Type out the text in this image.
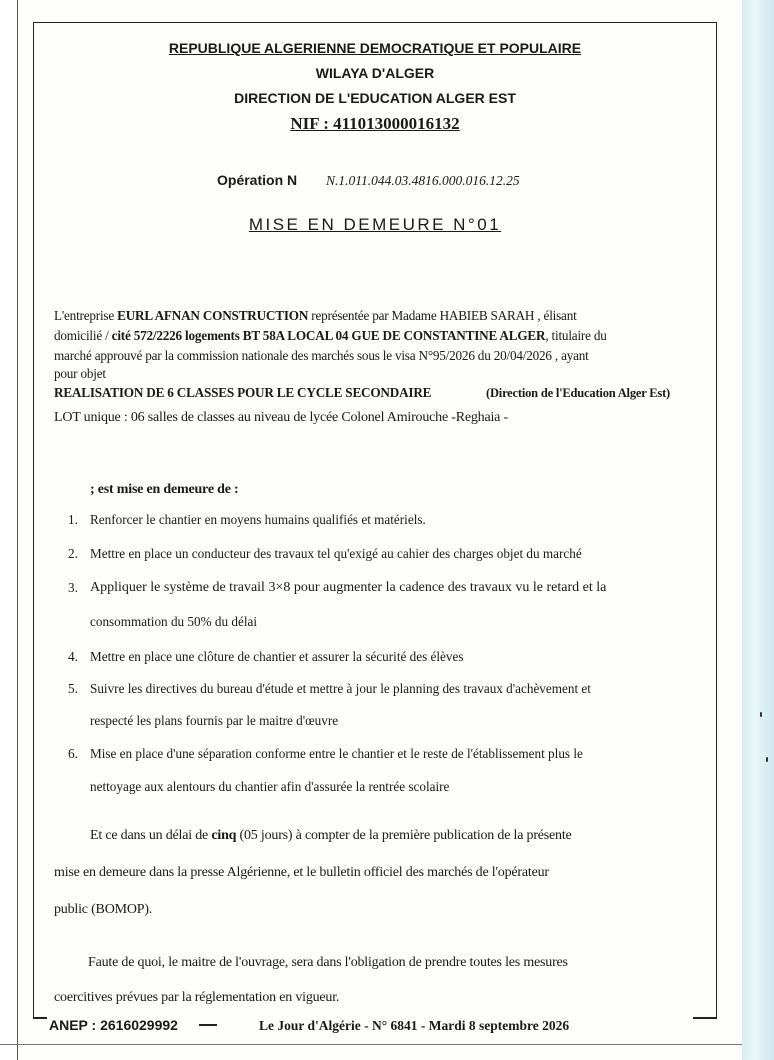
REPUBLIQUE ALGERIENNE DEMOCRATIQUE ET POPULAIRE
WILAYA D'ALGER
DIRECTION DE L'EDUCATION ALGER EST
NIF : 411013000016132
Opération N N.1.011.044.03.4816.000.016.12.25
MISE EN DEMEURE N°01
L'entreprise EURL AFNAN CONSTRUCTION représentée par Madame HABIEB SARAH , élisant
domicilié / cité 572/2226 logements BT 58A LOCAL 04 GUE DE CONSTANTINE ALGER, titulaire du
marché approuvé par la commission nationale des marchés sous le visa N°95/2026 du 20/04/2026 , ayant
pour objet
REALISATION DE 6 CLASSES POUR LE CYCLE SECONDAIRE	(Direction de l'Education Alger Est)
LOT unique : 06 salles de classes au niveau de lycée Colonel Amirouche -Reghaia -
; est mise en demeure de :
1. Renforcer le chantier en moyens humains qualifiés et matériels.
2. Mettre en place un conducteur des travaux tel qu'exigé au cahier des charges objet du marché
3. Appliquer le système de travail 3×8 pour augmenter la cadence des travaux vu le retard et la
consommation du 50% du délai
4. Mettre en place une clôture de chantier et assurer la sécurité des élèves
5. Suivre les directives du bureau d'étude et mettre à jour le planning des travaux d'achèvement et
respecté les plans fournis par le maitre d'œuvre
6. Mise en place d'une séparation conforme entre le chantier et le reste de l'établissement plus le
nettoyage aux alentours du chantier afin d'assurée la rentrée scolaire
Et ce dans un délai de cinq (05 jours) à compter de la première publication de la présente
mise en demeure dans la presse Algérienne, et le bulletin officiel des marchés de l'opérateur
public (BOMOP).
Faute de quoi, le maitre de l'ouvrage, sera dans l'obligation de prendre toutes les mesures
coercitives prévues par la réglementation en vigueur.
ANEP : 2616029992	Le Jour d'Algérie - N° 6841 - Mardi 8 septembre 2026
